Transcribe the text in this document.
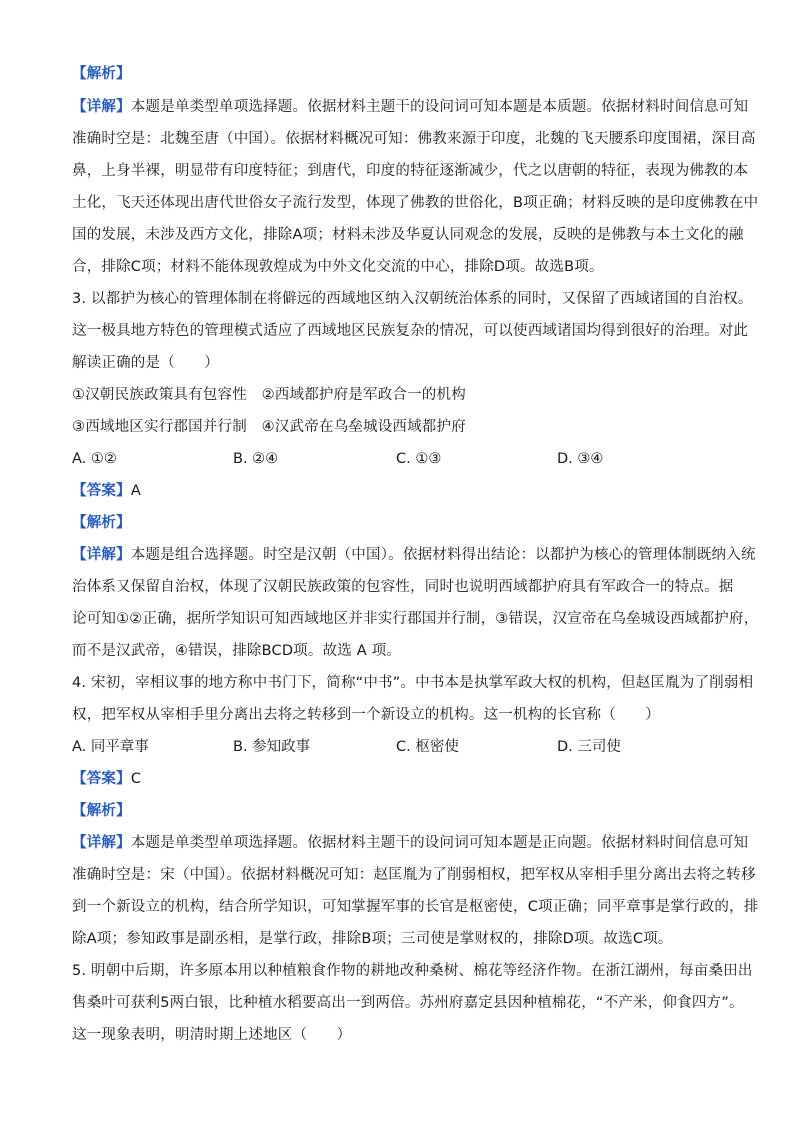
【解析】
【详解】本题是单类型单项选择题。依据材料主题干的设问词可知本题是本质题。依据材料时间信息可知
准确时空是：北魏至唐（中国）。依据材料概况可知：佛教来源于印度，北魏的飞天腰系印度围裙，深目高
鼻，上身半裸，明显带有印度特征；到唐代，印度的特征逐渐减少，代之以唐朝的特征，表现为佛教的本
土化，飞天还体现出唐代世俗女子流行发型，体现了佛教的世俗化，B项正确；材料反映的是印度佛教在中
国的发展，未涉及西方文化，排除A项；材料未涉及华夏认同观念的发展，反映的是佛教与本土文化的融
合，排除C项；材料不能体现敦煌成为中外文化交流的中心，排除D项。故选B项。
3. 以都护为核心的管理体制在将僻远的西域地区纳入汉朝统治体系的同时，又保留了西域诸国的自治权。
这一极具地方特色的管理模式适应了西域地区民族复杂的情况，可以使西域诸国均得到很好的治理。对此
解读正确的是（　　）
①汉朝民族政策具有包容性　②西域都护府是军政合一的机构
③西域地区实行郡国并行制　④汉武帝在乌垒城设西域都护府
A. ①②	B. ②④	C. ①③	D. ③④
【答案】A
【解析】
【详解】本题是组合选择题。时空是汉朝（中国）。依据材料得出结论：以都护为核心的管理体制既纳入统
治体系又保留自治权，体现了汉朝民族政策的包容性，同时也说明西域都护府具有军政合一的特点。据
论可知①②正确，据所学知识可知西域地区并非实行郡国并行制，③错误，汉宣帝在乌垒城设西域都护府，
而不是汉武帝，④错误，排除BCD项。故选 A 项。
4. 宋初，宰相议事的地方称中书门下，简称“中书”。中书本是执掌军政大权的机构，但赵匡胤为了削弱相
权，把军权从宰相手里分离出去将之转移到一个新设立的机构。这一机构的长官称（　　）
A. 同平章事	B. 参知政事	C. 枢密使	D. 三司使
【答案】C
【解析】
【详解】本题是单类型单项选择题。依据材料主题干的设问词可知本题是正向题。依据材料时间信息可知
准确时空是：宋（中国）。依据材料概况可知：赵匡胤为了削弱相权，把军权从宰相手里分离出去将之转移
到一个新设立的机构，结合所学知识，可知掌握军事的长官是枢密使，C项正确；同平章事是掌行政的，排
除A项；参知政事是副丞相，是掌行政，排除B项；三司使是掌财权的，排除D项。故选C项。
5. 明朝中后期，许多原本用以种植粮食作物的耕地改种桑树、棉花等经济作物。在浙江湖州，每亩桑田出
售桑叶可获利5两白银，比种植水稻要高出一到两倍。苏州府嘉定县因种植棉花，“不产米，仰食四方”。
这一现象表明，明清时期上述地区（　　）
